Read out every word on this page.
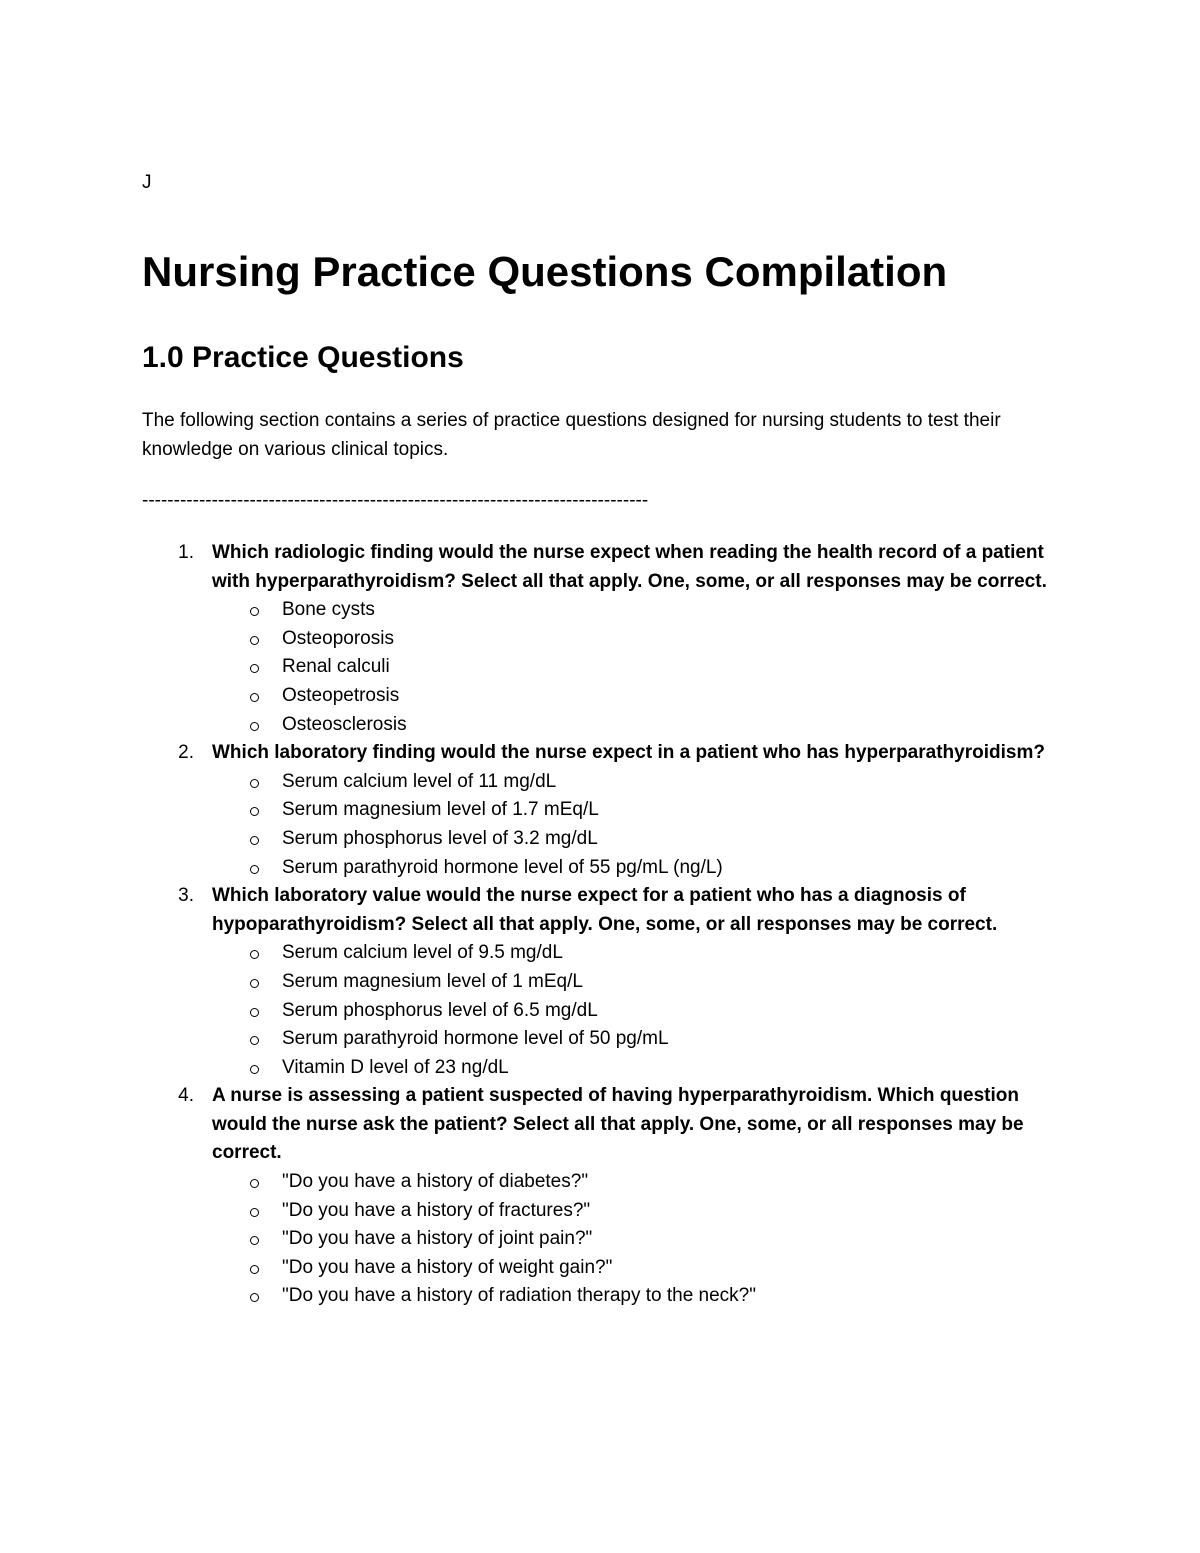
J
Nursing Practice Questions Compilation
1.0 Practice Questions

The following section contains a series of practice questions designed for nursing students to test their knowledge on various clinical topics.

--------------------------------------------------------------------------------

1. Which radiologic finding would the nurse expect when reading the health record of a patient with hyperparathyroidism? Select all that apply. One, some, or all responses may be correct.
Bone cysts
Osteoporosis
Renal calculi
Osteopetrosis
Osteosclerosis
2. Which laboratory finding would the nurse expect in a patient who has hyperparathyroidism?
Serum calcium level of 11 mg/dL
Serum magnesium level of 1.7 mEq/L
Serum phosphorus level of 3.2 mg/dL
Serum parathyroid hormone level of 55 pg/mL (ng/L)
3. Which laboratory value would the nurse expect for a patient who has a diagnosis of hypoparathyroidism? Select all that apply. One, some, or all responses may be correct.
Serum calcium level of 9.5 mg/dL
Serum magnesium level of 1 mEq/L
Serum phosphorus level of 6.5 mg/dL
Serum parathyroid hormone level of 50 pg/mL
Vitamin D level of 23 ng/dL
4. A nurse is assessing a patient suspected of having hyperparathyroidism. Which question would the nurse ask the patient? Select all that apply. One, some, or all responses may be correct.
"Do you have a history of diabetes?"
"Do you have a history of fractures?"
"Do you have a history of joint pain?"
"Do you have a history of weight gain?"
"Do you have a history of radiation therapy to the neck?"
